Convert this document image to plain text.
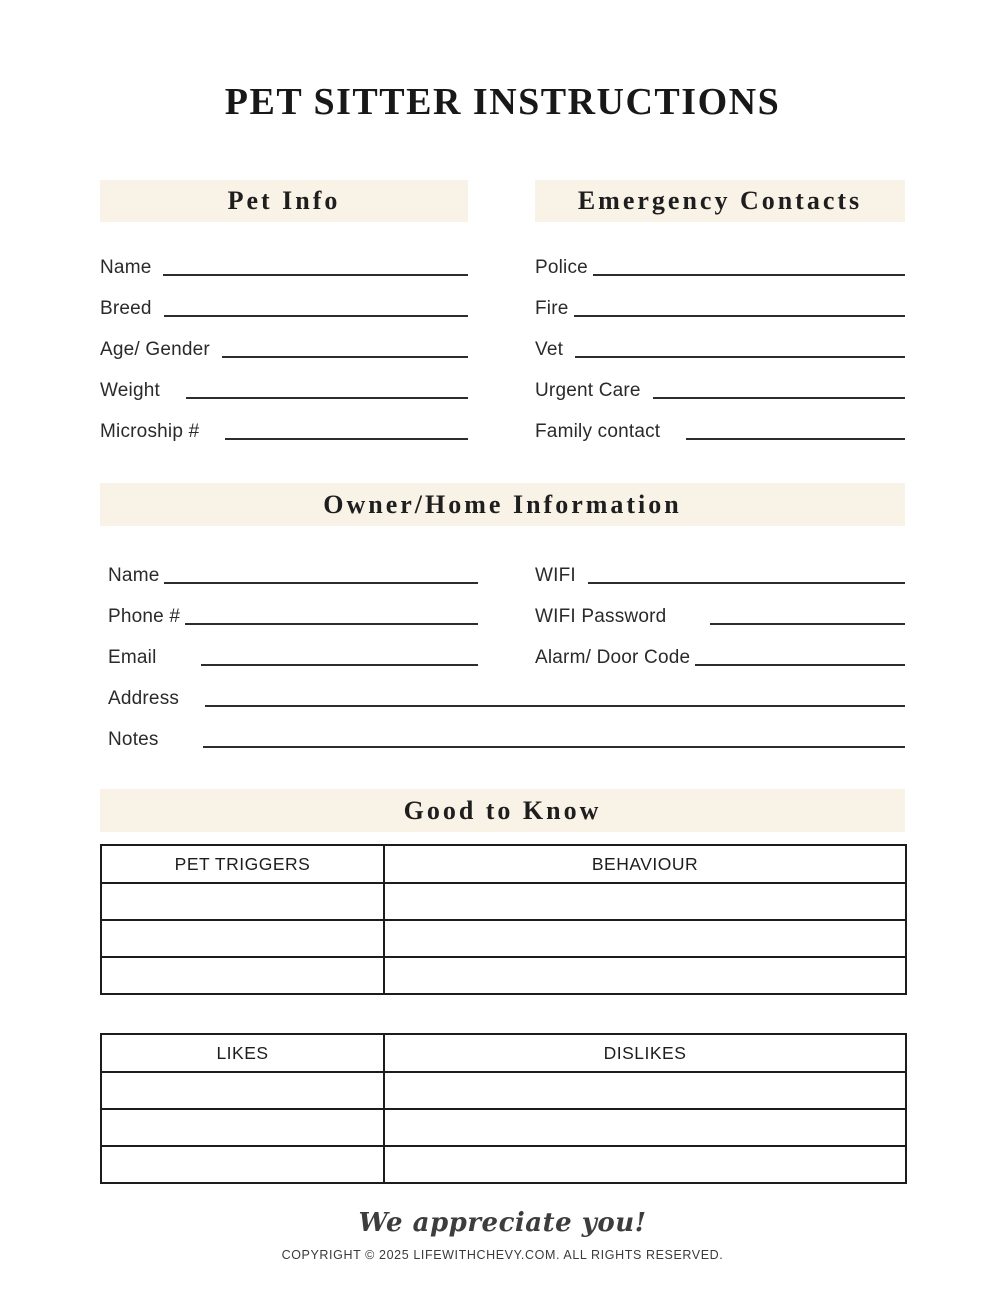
PET SITTER INSTRUCTIONS
Pet Info
Name
Breed
Age/ Gender
Weight
Microship #
Emergency Contacts
Police
Fire
Vet
Urgent Care
Family contact
Owner/Home Information
Name
Phone #
Email
WIFI
WIFI Password
Alarm/ Door Code
Address
Notes
Good to Know
PET TRIGGERS	BEHAVIOUR

LIKES	DISLIKES

We appreciate you!
COPYRIGHT © 2025 LIFEWITHCHEVY.COM. ALL RIGHTS RESERVED.
